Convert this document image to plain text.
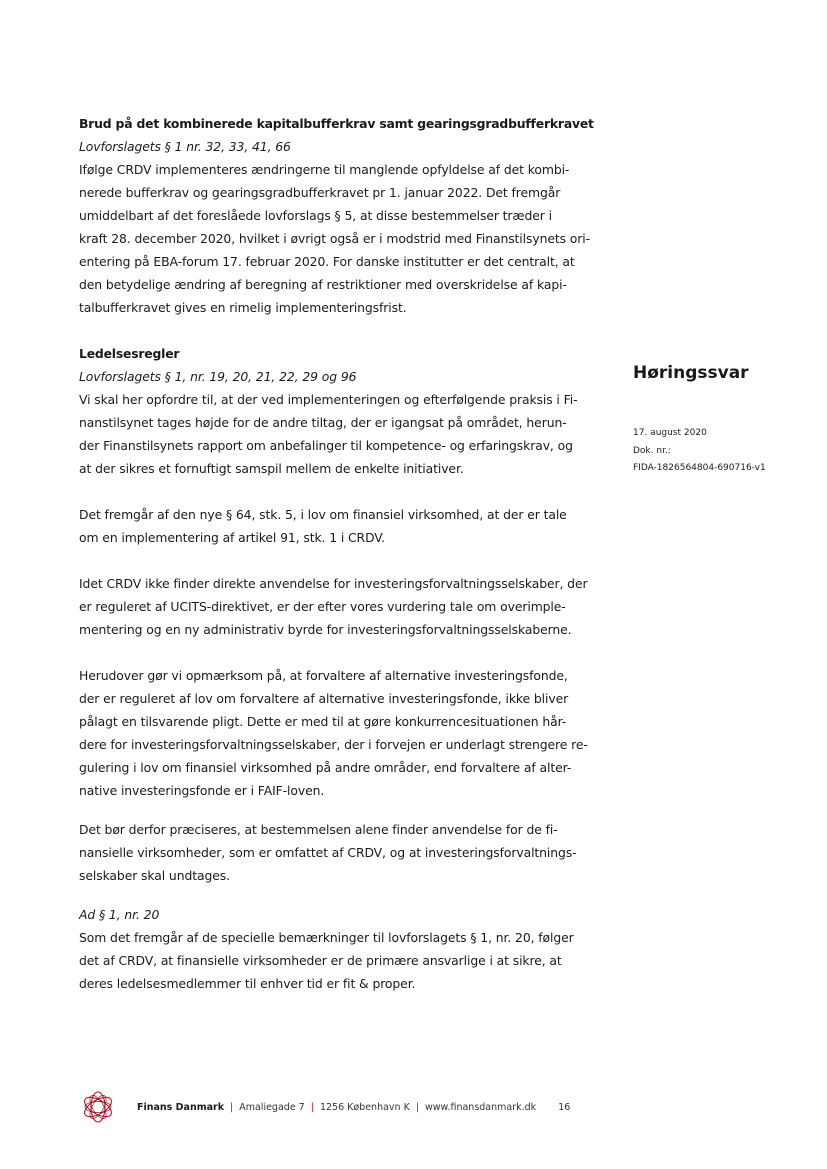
Brud på det kombinerede kapitalbufferkrav samt gearingsgradbufferkravet
Lovforslagets § 1 nr. 32, 33, 41, 66
Ifølge CRDV implementeres ændringerne til manglende opfyldelse af det kombi-
nerede bufferkrav og gearingsgradbufferkravet pr 1. januar 2022. Det fremgår
umiddelbart af det foreslåede lovforslags § 5, at disse bestemmelser træder i
kraft 28. december 2020, hvilket i øvrigt også er i modstrid med Finanstilsynets ori-
entering på EBA-forum 17. februar 2020. For danske institutter er det centralt, at
den betydelige ændring af beregning af restriktioner med overskridelse af kapi-
talbufferkravet gives en rimelig implementeringsfrist.
Ledelsesregler
Lovforslagets § 1, nr. 19, 20, 21, 22, 29 og 96
Vi skal her opfordre til, at der ved implementeringen og efterfølgende praksis i Fi-
nanstilsynet tages højde for de andre tiltag, der er igangsat på området, herun-
der Finanstilsynets rapport om anbefalinger til kompetence- og erfaringskrav, og
at der sikres et fornuftigt samspil mellem de enkelte initiativer.
Det fremgår af den nye § 64, stk. 5, i lov om finansiel virksomhed, at der er tale
om en implementering af artikel 91, stk. 1 i CRDV.
Idet CRDV ikke finder direkte anvendelse for investeringsforvaltningsselskaber, der
er reguleret af UCITS-direktivet, er der efter vores vurdering tale om overimple-
mentering og en ny administrativ byrde for investeringsforvaltningsselskaberne.
Herudover gør vi opmærksom på, at forvaltere af alternative investeringsfonde,
der er reguleret af lov om forvaltere af alternative investeringsfonde, ikke bliver
pålagt en tilsvarende pligt. Dette er med til at gøre konkurrencesituationen hår-
dere for investeringsforvaltningsselskaber, der i forvejen er underlagt strengere re-
gulering i lov om finansiel virksomhed på andre områder, end forvaltere af alter-
native investeringsfonde er i FAIF-loven.
Det bør derfor præciseres, at bestemmelsen alene finder anvendelse for de fi-
nansielle virksomheder, som er omfattet af CRDV, og at investeringsforvaltnings-
selskaber skal undtages.
Ad § 1, nr. 20
Som det fremgår af de specielle bemærkninger til lovforslagets § 1, nr. 20, følger
det af CRDV, at finansielle virksomheder er de primære ansvarlige i at sikre, at
deres ledelsesmedlemmer til enhver tid er fit & proper.
Høringssvar
17. august 2020
Dok. nr.:
FIDA-1826564804-690716-v1
Finans Danmark | Amaliegade 7 | 1256 København K | www.finansdanmark.dk 16
